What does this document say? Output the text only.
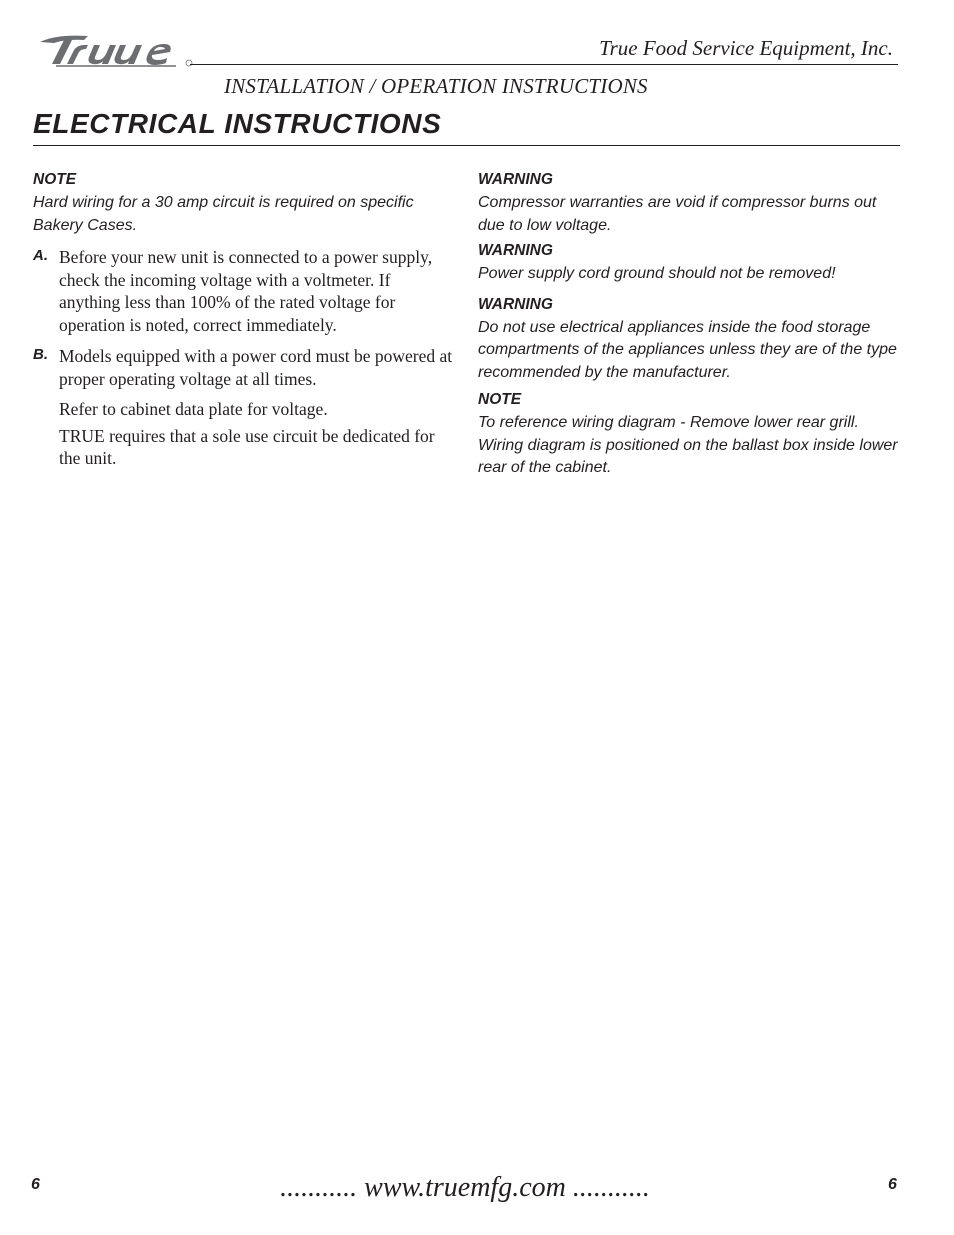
True Food Service Equipment, Inc.
INSTALLATION / OPERATION INSTRUCTIONS
ELECTRICAL INSTRUCTIONS

NOTE

Hard wiring for a 30 amp circuit is required on specific Bakery Cases.

A. Before your new unit is connected to a power supply, check the incoming voltage with a voltmeter. If anything less than 100% of the rated voltage for operation is noted, correct immediately.

B. Models equipped with a power cord must be powered at proper operating voltage at all times.

Refer to cabinet data plate for voltage.

TRUE requires that a sole use circuit be dedicated for the unit.

WARNING

Compressor warranties are void if compressor burns out due to low voltage.

WARNING

Power supply cord ground should not be removed!

WARNING

Do not use electrical appliances inside the food storage compartments of the appliances unless they are of the type recommended by the manufacturer.

NOTE

To reference wiring diagram - Remove lower rear grill. Wiring diagram is positioned on the ballast box inside lower rear of the cabinet.

6	........... www.truemfg.com ...........	6
